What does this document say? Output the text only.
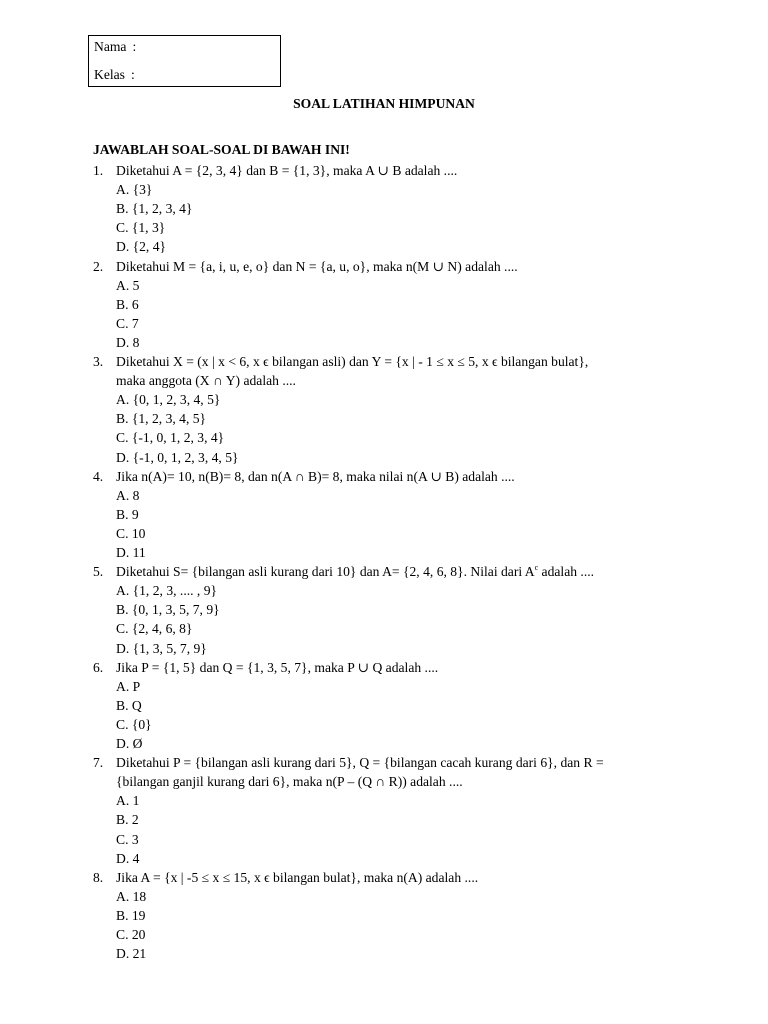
Nama :
Kelas :
SOAL LATIHAN HIMPUNAN
JAWABLAH SOAL-SOAL DI BAWAH INI!
1. Diketahui A = {2, 3, 4} dan B = {1, 3}, maka A ∪ B adalah ....
A. {3}
B. {1, 2, 3, 4}
C. {1, 3}
D. {2, 4}
2. Diketahui M = {a, i, u, e, o} dan N = {a, u, o}, maka n(M ∪ N) adalah ....
A. 5
B. 6
C. 7
D. 8
3. Diketahui X = (x | x < 6, x ϵ bilangan asli) dan Y = {x | - 1 ≤ x ≤ 5, x ϵ bilangan bulat},
maka anggota (X ∩ Y) adalah ....
A. {0, 1, 2, 3, 4, 5}
B. {1, 2, 3, 4, 5}
C. {-1, 0, 1, 2, 3, 4}
D. {-1, 0, 1, 2, 3, 4, 5}
4. Jika n(A)= 10, n(B)= 8, dan n(A ∩ B)= 8, maka nilai n(A ∪ B) adalah ....
A. 8
B. 9
C. 10
D. 11
5. Diketahui S= {bilangan asli kurang dari 10} dan A= {2, 4, 6, 8}. Nilai dari $A^c$ adalah ....
A. {1, 2, 3, .... , 9}
B. {0, 1, 3, 5, 7, 9}
C. {2, 4, 6, 8}
D. {1, 3, 5, 7, 9}
6. Jika P = {1, 5} dan Q = {1, 3, 5, 7}, maka P ∪ Q adalah ....
A. P
B. Q
C. {0}
D. Ø
7. Diketahui P = {bilangan asli kurang dari 5}, Q = {bilangan cacah kurang dari 6}, dan R =
{bilangan ganjil kurang dari 6}, maka n(P – (Q ∩ R)) adalah ....
A. 1
B. 2
C. 3
D. 4
8. Jika A = {x | -5 ≤ x ≤ 15, x ϵ bilangan bulat}, maka n(A) adalah ....
A. 18
B. 19
C. 20
D. 21
